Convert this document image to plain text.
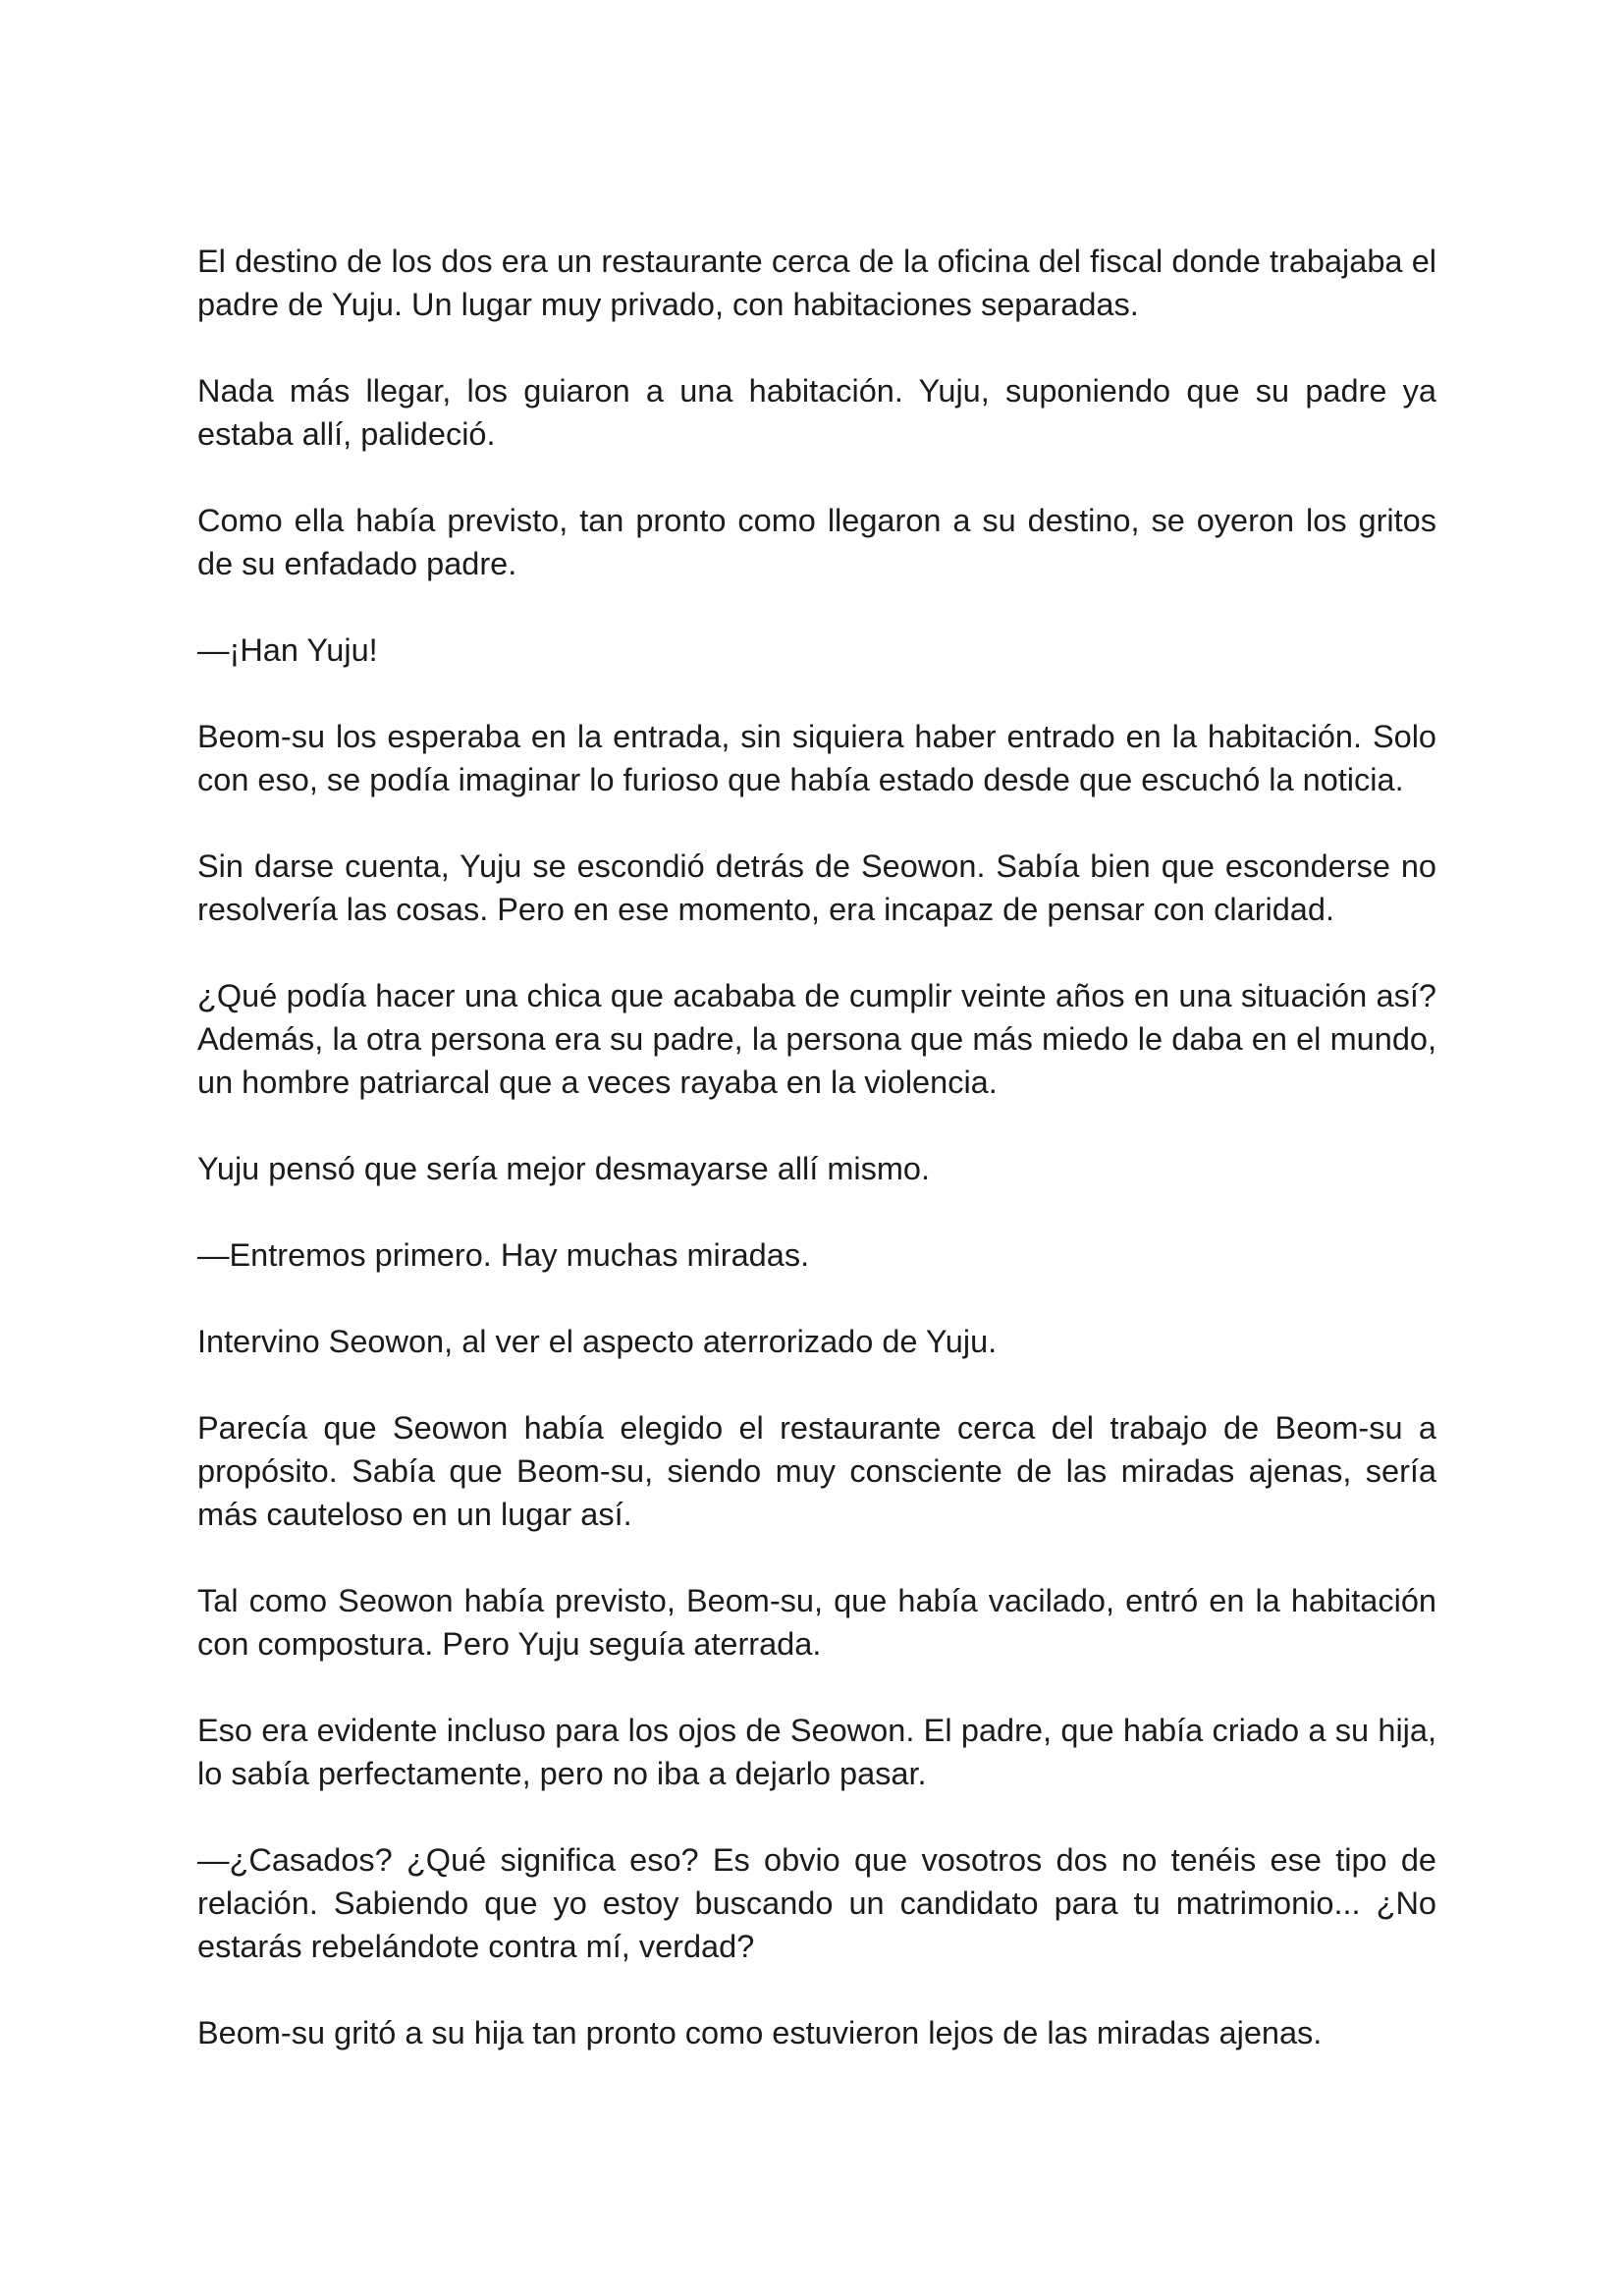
El destino de los dos era un restaurante cerca de la oficina del fiscal donde trabajaba el padre de Yuju. Un lugar muy privado, con habitaciones separadas.

Nada más llegar, los guiaron a una habitación. Yuju, suponiendo que su padre ya estaba allí, palideció.

Como ella había previsto, tan pronto como llegaron a su destino, se oyeron los gritos de su enfadado padre.

—¡Han Yuju!

Beom-su los esperaba en la entrada, sin siquiera haber entrado en la habitación. Solo con eso, se podía imaginar lo furioso que había estado desde que escuchó la noticia.

Sin darse cuenta, Yuju se escondió detrás de Seowon. Sabía bien que esconderse no resolvería las cosas. Pero en ese momento, era incapaz de pensar con claridad.

¿Qué podía hacer una chica que acababa de cumplir veinte años en una situación así? Además, la otra persona era su padre, la persona que más miedo le daba en el mundo, un hombre patriarcal que a veces rayaba en la violencia.

Yuju pensó que sería mejor desmayarse allí mismo.

—Entremos primero. Hay muchas miradas.

Intervino Seowon, al ver el aspecto aterrorizado de Yuju.

Parecía que Seowon había elegido el restaurante cerca del trabajo de Beom-su a propósito. Sabía que Beom-su, siendo muy consciente de las miradas ajenas, sería más cauteloso en un lugar así.

Tal como Seowon había previsto, Beom-su, que había vacilado, entró en la habitación con compostura. Pero Yuju seguía aterrada.

Eso era evidente incluso para los ojos de Seowon. El padre, que había criado a su hija, lo sabía perfectamente, pero no iba a dejarlo pasar.

—¿Casados? ¿Qué significa eso? Es obvio que vosotros dos no tenéis ese tipo de relación. Sabiendo que yo estoy buscando un candidato para tu matrimonio... ¿No estarás rebelándote contra mí, verdad?

Beom-su gritó a su hija tan pronto como estuvieron lejos de las miradas ajenas.
